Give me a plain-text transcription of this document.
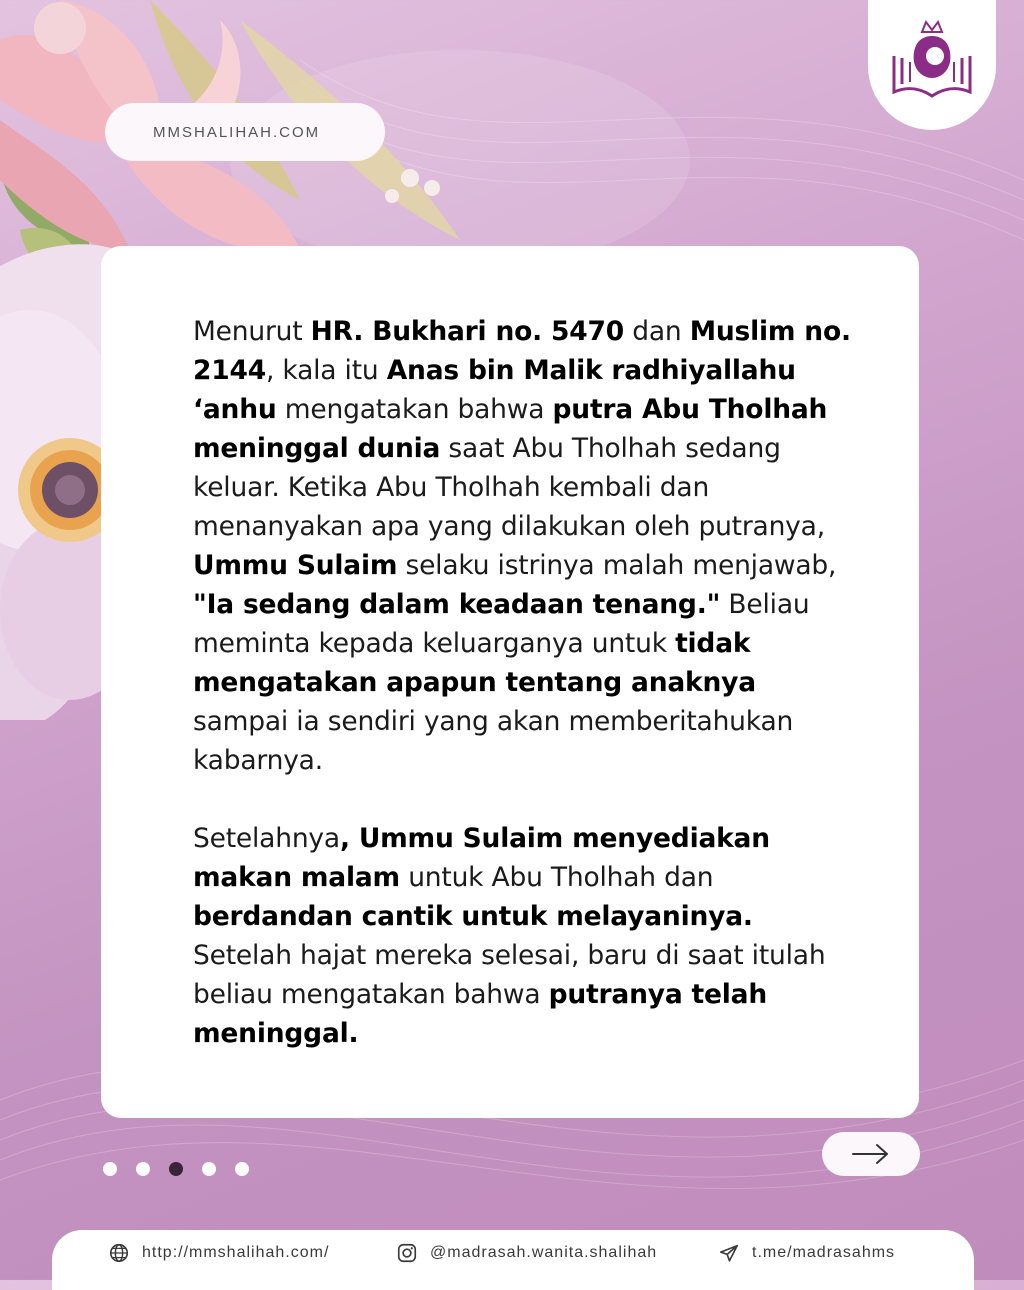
MMSHALIHAH.COM

Menurut HR. Bukhari no. 5470 dan Muslim no. 2144, kala itu Anas bin Malik radhiyallahu ‘anhu mengatakan bahwa putra Abu Tholhah meninggal dunia saat Abu Tholhah sedang keluar. Ketika Abu Tholhah kembali dan menanyakan apa yang dilakukan oleh putranya, Ummu Sulaim selaku istrinya malah menjawab, "Ia sedang dalam keadaan tenang." Beliau meminta kepada keluarganya untuk tidak mengatakan apapun tentang anaknya sampai ia sendiri yang akan memberitahukan kabarnya.

Setelahnya, Ummu Sulaim menyediakan makan malam untuk Abu Tholhah dan berdandan cantik untuk melayaninya. Setelah hajat mereka selesai, baru di saat itulah beliau mengatakan bahwa putranya telah meninggal.

http://mmshalihah.com/	@madrasah.wanita.shalihah	t.me/madrasahms
